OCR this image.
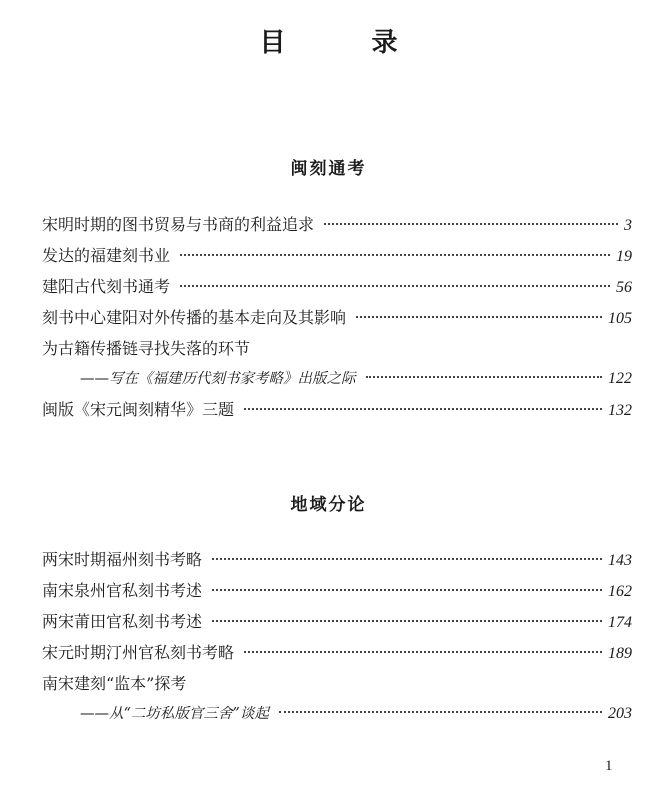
目　录
闽刻通考
宋明时期的图书贸易与书商的利益追求	3
发达的福建刻书业	19
建阳古代刻书通考	56
刻书中心建阳对外传播的基本走向及其影响	105
为古籍传播链寻找失落的环节
——写在《福建历代刻书家考略》出版之际	122
闽版《宋元闽刻精华》三题	132
地域分论
两宋时期福州刻书考略	143
南宋泉州官私刻书考述	162
两宋莆田官私刻书考述	174
宋元时期汀州官私刻书考略	189
南宋建刻“监本”探考
——从“二坊私版官三舍”谈起	203
1
